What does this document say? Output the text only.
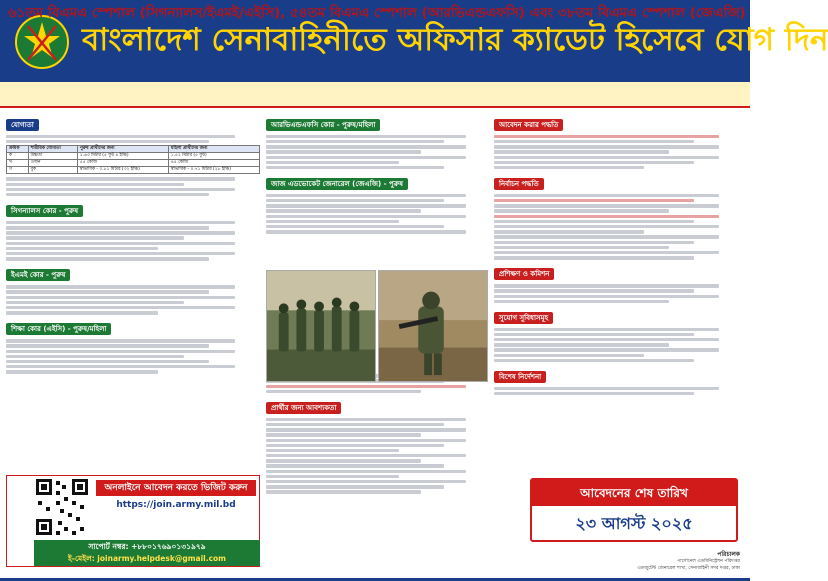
বাংলাদেশ সেনাবাহিনীতে অফিসার ক্যাডেট হিসেবে যোগ দিন
৬১তম বিএমএ স্পেশাল (সিগন্যালস/ইএমই/এইসি), ৫৪তম বিএমএ স্পেশাল (আরভিএন্ডএফসি) এবং ৩৮তম বিএমএ স্পেশাল (জেএজি)
যোগ্যতা
ক্রমিক	শারীরিক যোগ্যতা	পুরুষ প্রার্থীদের জন্য	মহিলা প্রার্থীদের জন্য
ক	উচ্চতা	১.৬৩ মিটার (৫ ফুট ৪ ইঞ্চি)	১.৫২ মিটার (৫ ফুট)
খ	ওজন	৫৫ কেজি	৪৫ কেজি
গ	বুক	স্বাভাবিক - ০.৮১ মিটার (৩২ ইঞ্চি)	স্বাভাবিক - ০.৭১ মিটার (২৮ ইঞ্চি)
সিগন্যালস কোর - পুরুষ
ইএমই কোর - পুরুষ
শিক্ষা কোর (এইসি) - পুরুষ/মহিলা
আরভিএন্ডএফসি কোর - পুরুষ/মহিলা
জাজ এডভোকেট জেনারেল (জেএজি) - পুরুষ
প্রার্থীর জন্য আবশ্যকতা
আবেদন করার পদ্ধতি
নির্বাচন পদ্ধতি
প্রশিক্ষণ ও কমিশন
সুযোগ সুবিধাসমূহ
বিশেষ নির্দেশনা
অনলাইনে আবেদন করতে ভিজিট করুন
https://join.army.mil.bd
সাপোর্ট নম্বর: +৮৮০১৭৬৯০১৩১৯৭৯
ই-মেইল: joinarmy.helpdesk@gmail.com
আবেদনের শেষ তারিখ
২৩ আগস্ট ২০২৫
পরিচালক
পার্সোনেল এডমিনিস্ট্রেশন পরিদপ্তর
এডজুটেন্ট জেনারেল শাখা, সেনাবাহিনী সদর দপ্তর, ঢাকা
